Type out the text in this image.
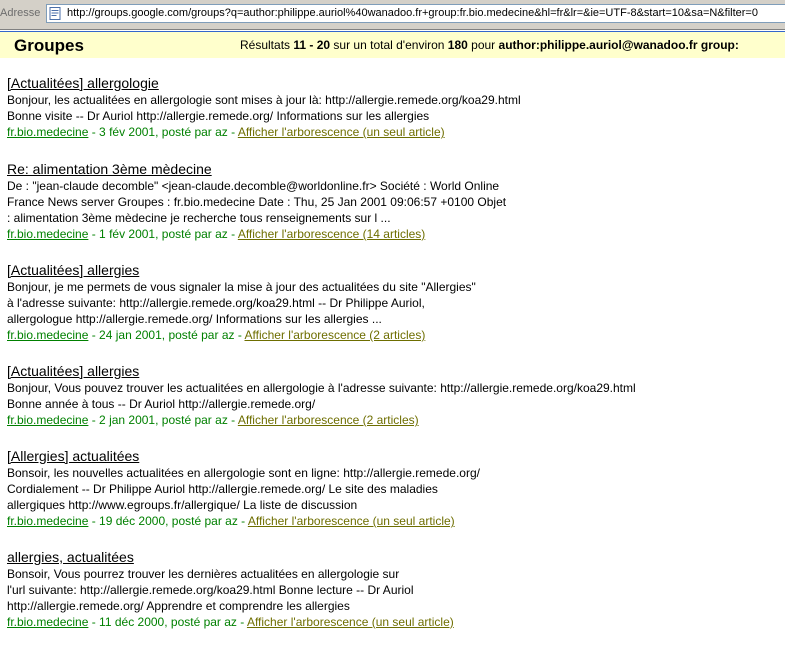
Adresse http://groups.google.com/groups?q=author:philippe.auriol%40wanadoo.fr+group:fr.bio.medecine&hl=fr&lr=&ie=UTF-8&start=10&sa=N&filter=0
Groupes	Résultats 11 - 20 sur un total d'environ 180 pour author:philippe.auriol@wanadoo.fr group:
[Actualitées] allergologie
Bonjour, les actualitées en allergologie sont mises à jour là: http://allergie.remede.org/koa29.html
Bonne visite -- Dr Auriol http://allergie.remede.org/ Informations sur les allergies
fr.bio.medecine - 3 fév 2001, posté par az - Afficher l'arborescence (un seul article)
Re: alimentation 3ème mèdecine
De : "jean-claude decomble" <jean-claude.decomble@worldonline.fr> Société : World Online
France News server Groupes : fr.bio.medecine Date : Thu, 25 Jan 2001 09:06:57 +0100 Objet
: alimentation 3ème mèdecine je recherche tous renseignements sur l ...
fr.bio.medecine - 1 fév 2001, posté par az - Afficher l'arborescence (14 articles)
[Actualitées] allergies
Bonjour, je me permets de vous signaler la mise à jour des actualitées du site "Allergies"
à l'adresse suivante: http://allergie.remede.org/koa29.html -- Dr Philippe Auriol,
allergologue http://allergie.remede.org/ Informations sur les allergies ...
fr.bio.medecine - 24 jan 2001, posté par az - Afficher l'arborescence (2 articles)
[Actualitées] allergies
Bonjour, Vous pouvez trouver les actualitées en allergologie à l'adresse suivante: http://allergie.remede.org/koa29.html
Bonne année à tous -- Dr Auriol http://allergie.remede.org/
fr.bio.medecine - 2 jan 2001, posté par az - Afficher l'arborescence (2 articles)
[Allergies] actualitées
Bonsoir, les nouvelles actualitées en allergologie sont en ligne: http://allergie.remede.org/
Cordialement -- Dr Philippe Auriol http://allergie.remede.org/ Le site des maladies
allergiques http://www.egroups.fr/allergique/ La liste de discussion
fr.bio.medecine - 19 déc 2000, posté par az - Afficher l'arborescence (un seul article)
allergies, actualitées
Bonsoir, Vous pourrez trouver les dernières actualitées en allergologie sur
l'url suivante: http://allergie.remede.org/koa29.html Bonne lecture -- Dr Auriol
http://allergie.remede.org/ Apprendre et comprendre les allergies
fr.bio.medecine - 11 déc 2000, posté par az - Afficher l'arborescence (un seul article)
